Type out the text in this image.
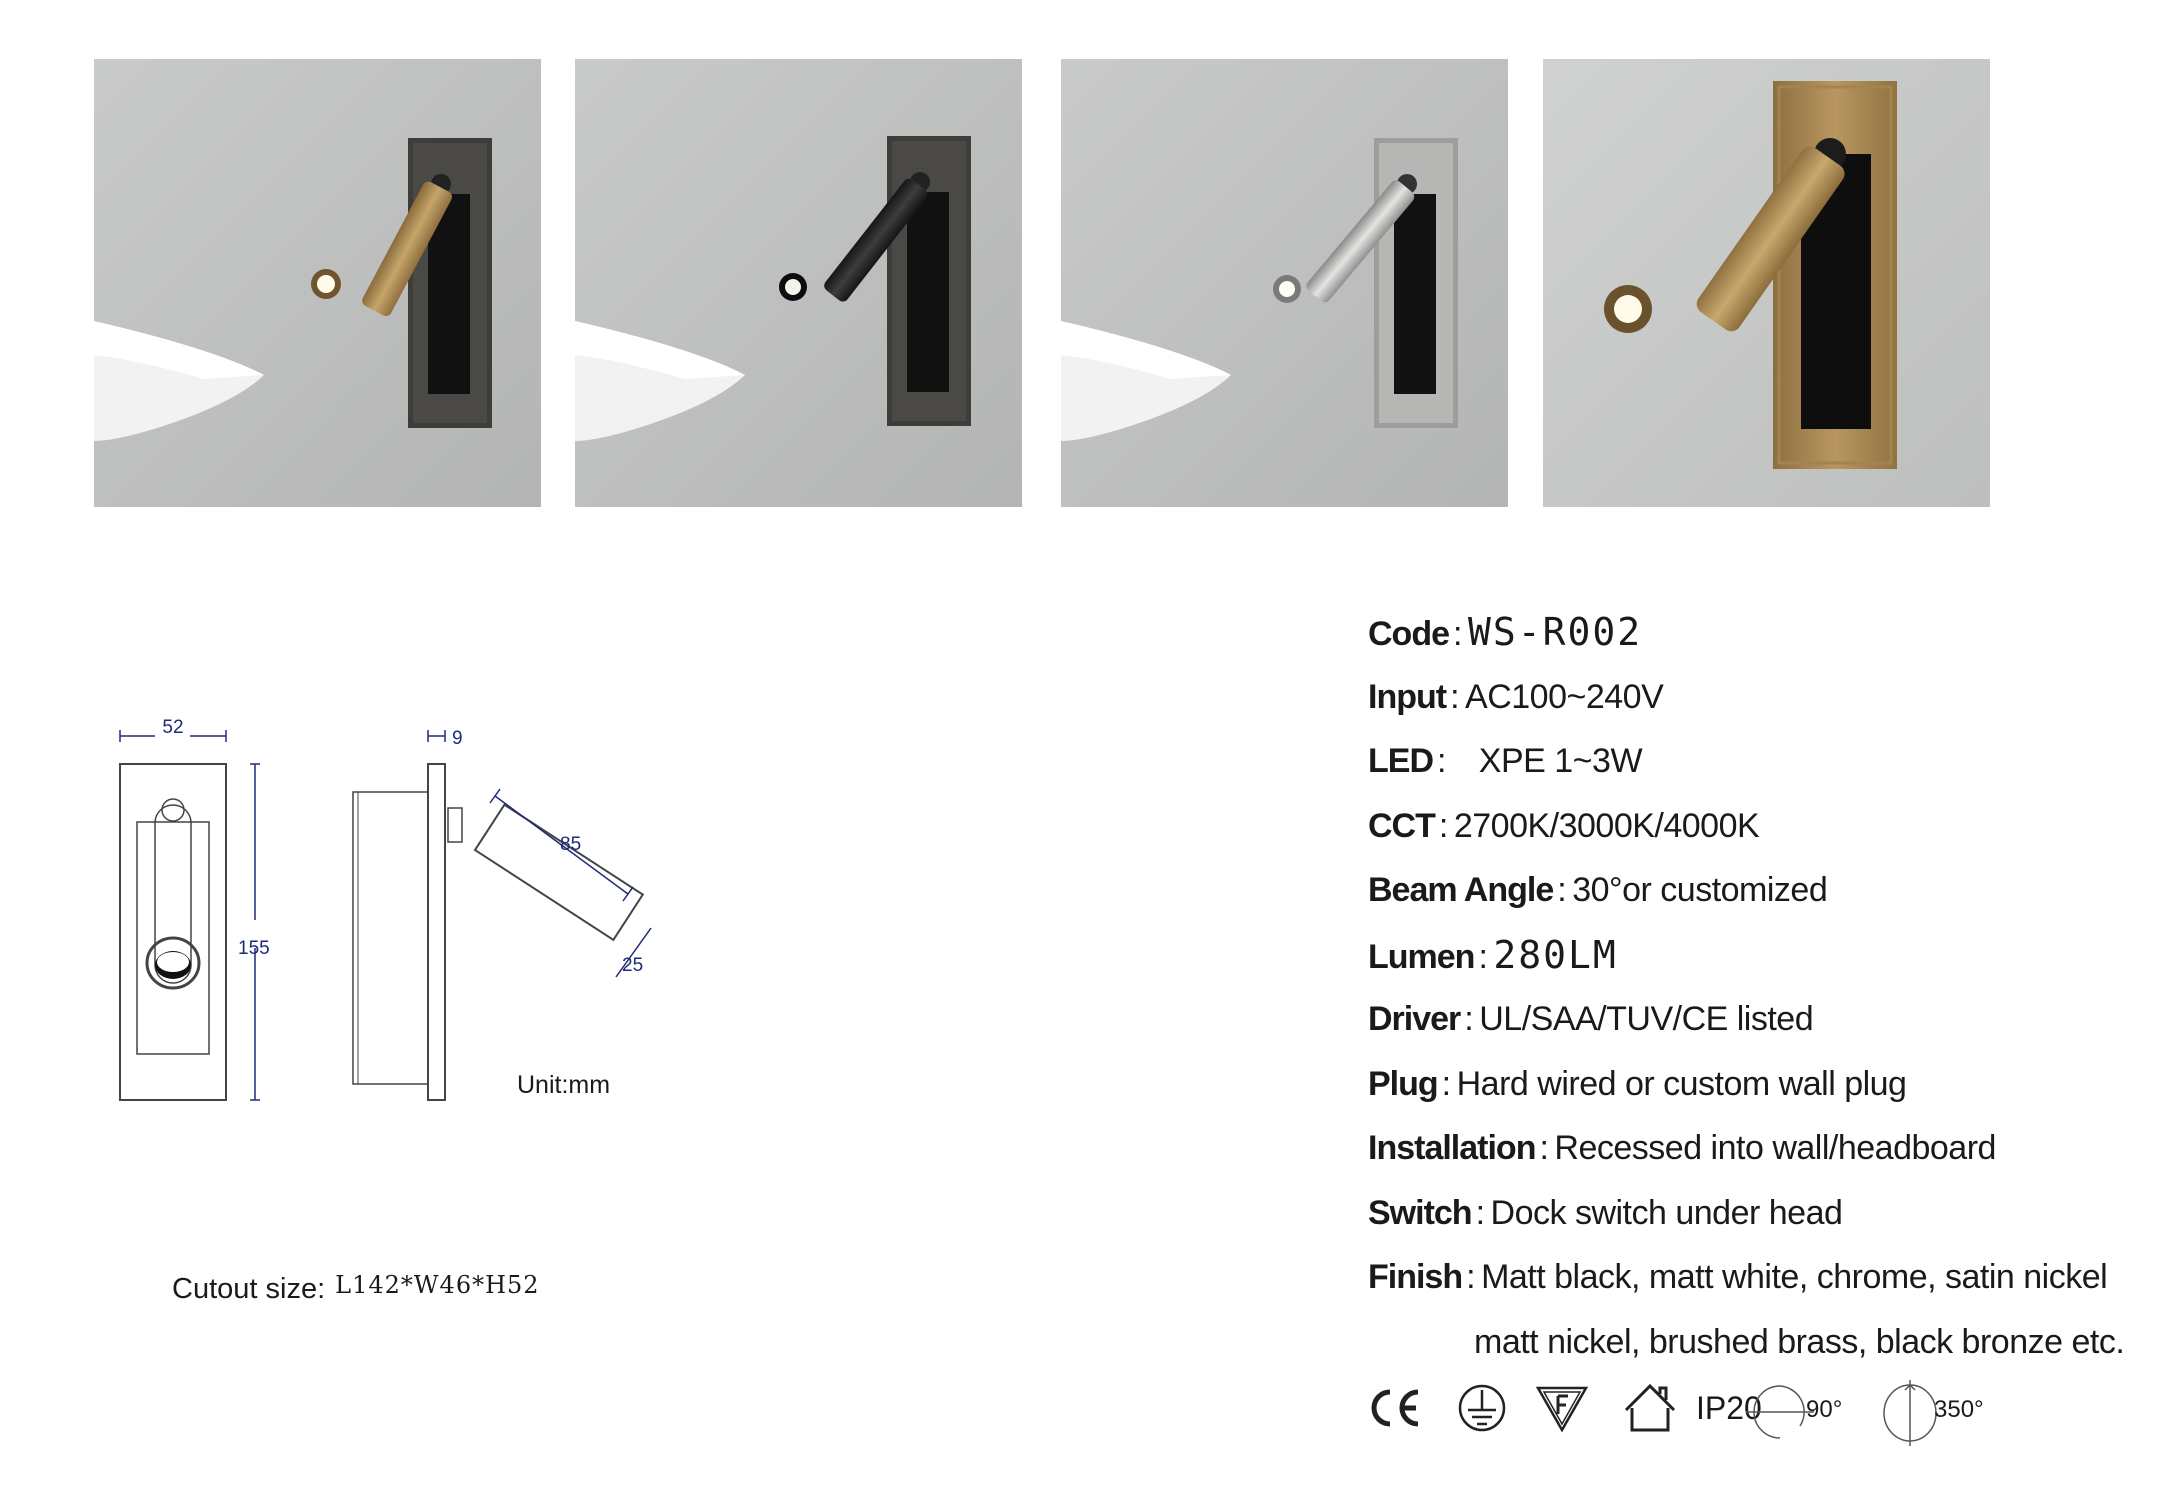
52
155
9
85
25
Unit:mm
Cutout size: L142*W46*H52
Code : WS-R002
Input : AC100~240V
LED :   XPE 1~3W
CCT : 2700K/3000K/4000K
Beam Angle : 30°or customized
Lumen : 280LM
Driver : UL/SAA/TUV/CE listed
Plug : Hard wired or custom wall plug
Installation : Recessed into wall/headboard
Switch : Dock switch under head
Finish : Matt black, matt white, chrome, satin nickel
matt nickel, brushed brass, black bronze etc.
IP20 90°	350°
